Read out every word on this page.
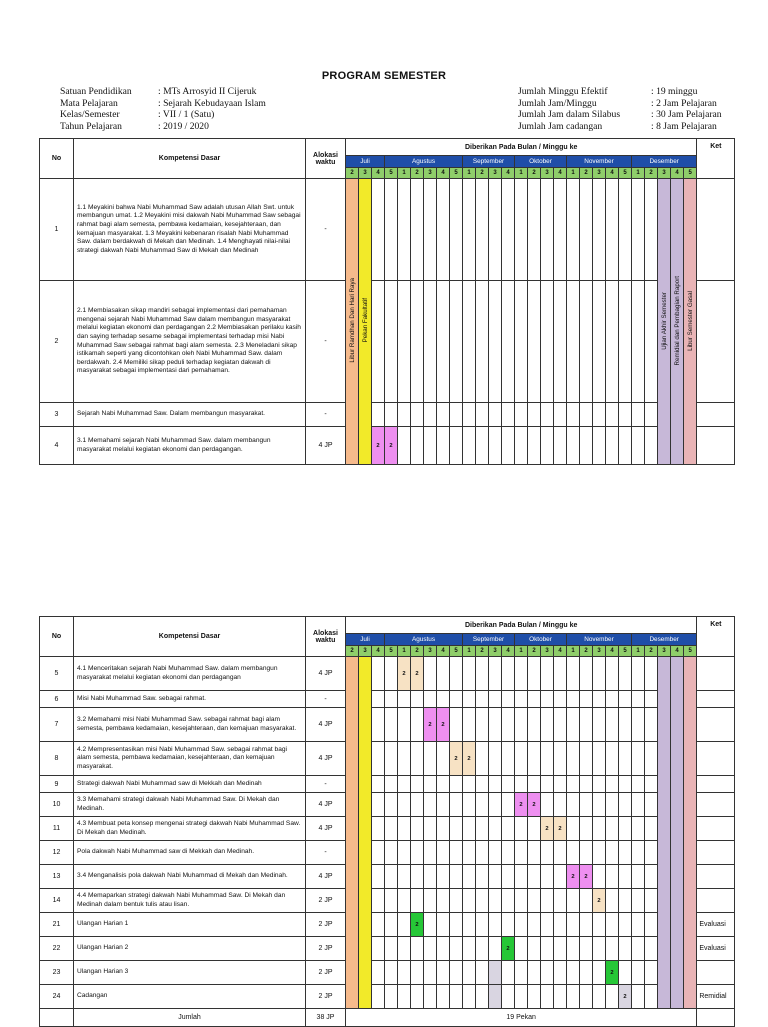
PROGRAM SEMESTER
Satuan Pendidikan	: MTs Arrosyid II Cijeruk
Mata Pelajaran	: Sejarah Kebudayaan Islam
Kelas/Semester	: VII / 1 (Satu)
Tahun Pelajaran	: 2019 / 2020
Jumlah Minggu Efektif	: 19 minggu
Jumlah Jam/Minggu	: 2 Jam Pelajaran
Jumlah Jam dalam Silabus	: 30 Jam Pelajaran
Jumlah Jam cadangan	: 8 Jam Pelajaran
No	Kompetensi Dasar	Alokasi waktu	Diberikan Pada Bulan / Minggu ke																											Ket
			Juli			Agustus						September				Oktober				November					Desember					
			2	3	4	5	1	2	3	4	5	1	2	3	4	1	2	3	4	1	2	3	4	5	1	2	3	4	5	
1	1.1 Meyakini bahwa Nabi Muhammad Saw adalah utusan Allah Swt. untuk membangun umat. 1.2 Meyakini misi dakwah Nabi Muhammad Saw sebagai rahmat bagi alam semesta, pembawa kedamaian, kesejahteraan, dan kemajuan masyarakat. 1.3 Meyakini kebenaran risalah Nabi Muhammad Saw. dalam berdakwah di Mekah dan Medinah. 1.4 Menghayati nilai-nilai strategi dakwah Nabi Muhammad Saw di Mekah dan Medinah	-	Libur Ramdhan Dan Hari Raya	Pekan Fakultatif																							Ujian Akhir Semester	Remidial dan Pembagian Raport	Libur Semester Gasal	
2	2.1 Membiasakan sikap mandiri sebagai implementasi dari pemahaman mengenai sejarah Nabi Muhammad Saw dalam membangun masyarakat melalui kegiatan ekonomi dan perdagangan 2.2 Membiasakan perilaku kasih dan saying terhadap sesame sebagai implementasi terhadap misi Nabi Muhammad Saw sebagai rahmat bagi alam semesta. 2.3 Meneladani sikap istikamah seperti yang dicontohkan oleh Nabi Muhammad Saw. dalam berdakwah. 2.4 Memiliki sikap peduli terhadap kegiatan dakwah di masyarakat sebagai implementasi dari pemahaman.	-																												
3	Sejarah Nabi Muhammad Saw. Dalam membangun masyarakat.	-																												
4	3.1 Memahami sejarah Nabi Muhammad Saw. dalam membangun masyarakat melalui kegiatan ekonomi dan perdagangan.	4 JP			2	2																								
No	Kompetensi Dasar	Alokasi waktu	Diberikan Pada Bulan / Minggu ke																											Ket
			Juli			Agustus						September				Oktober				November					Desember					
			2	3	4	5	1	2	3	4	5	1	2	3	4	1	2	3	4	1	2	3	4	5	1	2	3	4	5	
5	4.1 Menceritakan sejarah Nabi Muhammad Saw. dalam membangun masyarakat melalui kegiatan ekonomi dan perdagangan	4 JP					2	2																						
6	Misi Nabi Muhammad Saw. sebagai rahmat.	-																												
7	3.2 Memahami misi Nabi Muhammad Saw. sebagai rahmat bagi alam semesta, pembawa kedamaian, kesejahteraan, dan kemajuan masyarakat.	4 JP							2	2																				
8	4.2 Mempresentasikan misi Nabi Muhammad Saw. sebagai rahmat bagi alam semesta, pembawa kedamaian, kesejahteraan, dan kemajuan masyarakat.	4 JP									2	2																		
9	Strategi dakwah Nabi Muhammad saw di Mekkah dan Medinah	-																												
10	3.3 Memahami strategi dakwah Nabi Muhammad Saw. Di Mekah dan Medinah.	4 JP														2	2													
11	4.3 Membuat peta konsep mengenai strategi dakwah Nabi Muhammad Saw. Di Mekah dan Medinah.	4 JP																2	2											
12	Pola dakwah Nabi Muhammad saw di Mekkah dan Medinah.	-																												
13	3.4 Menganalisis pola dakwah Nabi Muhammad di Mekah dan Medinah.	4 JP																		2	2									
14	4.4 Memaparkan strategi dakwah Nabi Muhammad Saw. Di Mekah dan Medinah dalam bentuk tulis atau lisan.	2 JP																				2								
21	Ulangan Harian 1	2 JP						2																						Evaluasi
22	Ulangan Harian 2	2 JP													2															Evaluasi
23	Ulangan Harian 3	2 JP																					2							
24	Cadangan	2 JP																						2						Remidial
	Jumlah	38 JP	19 Pekan																											
